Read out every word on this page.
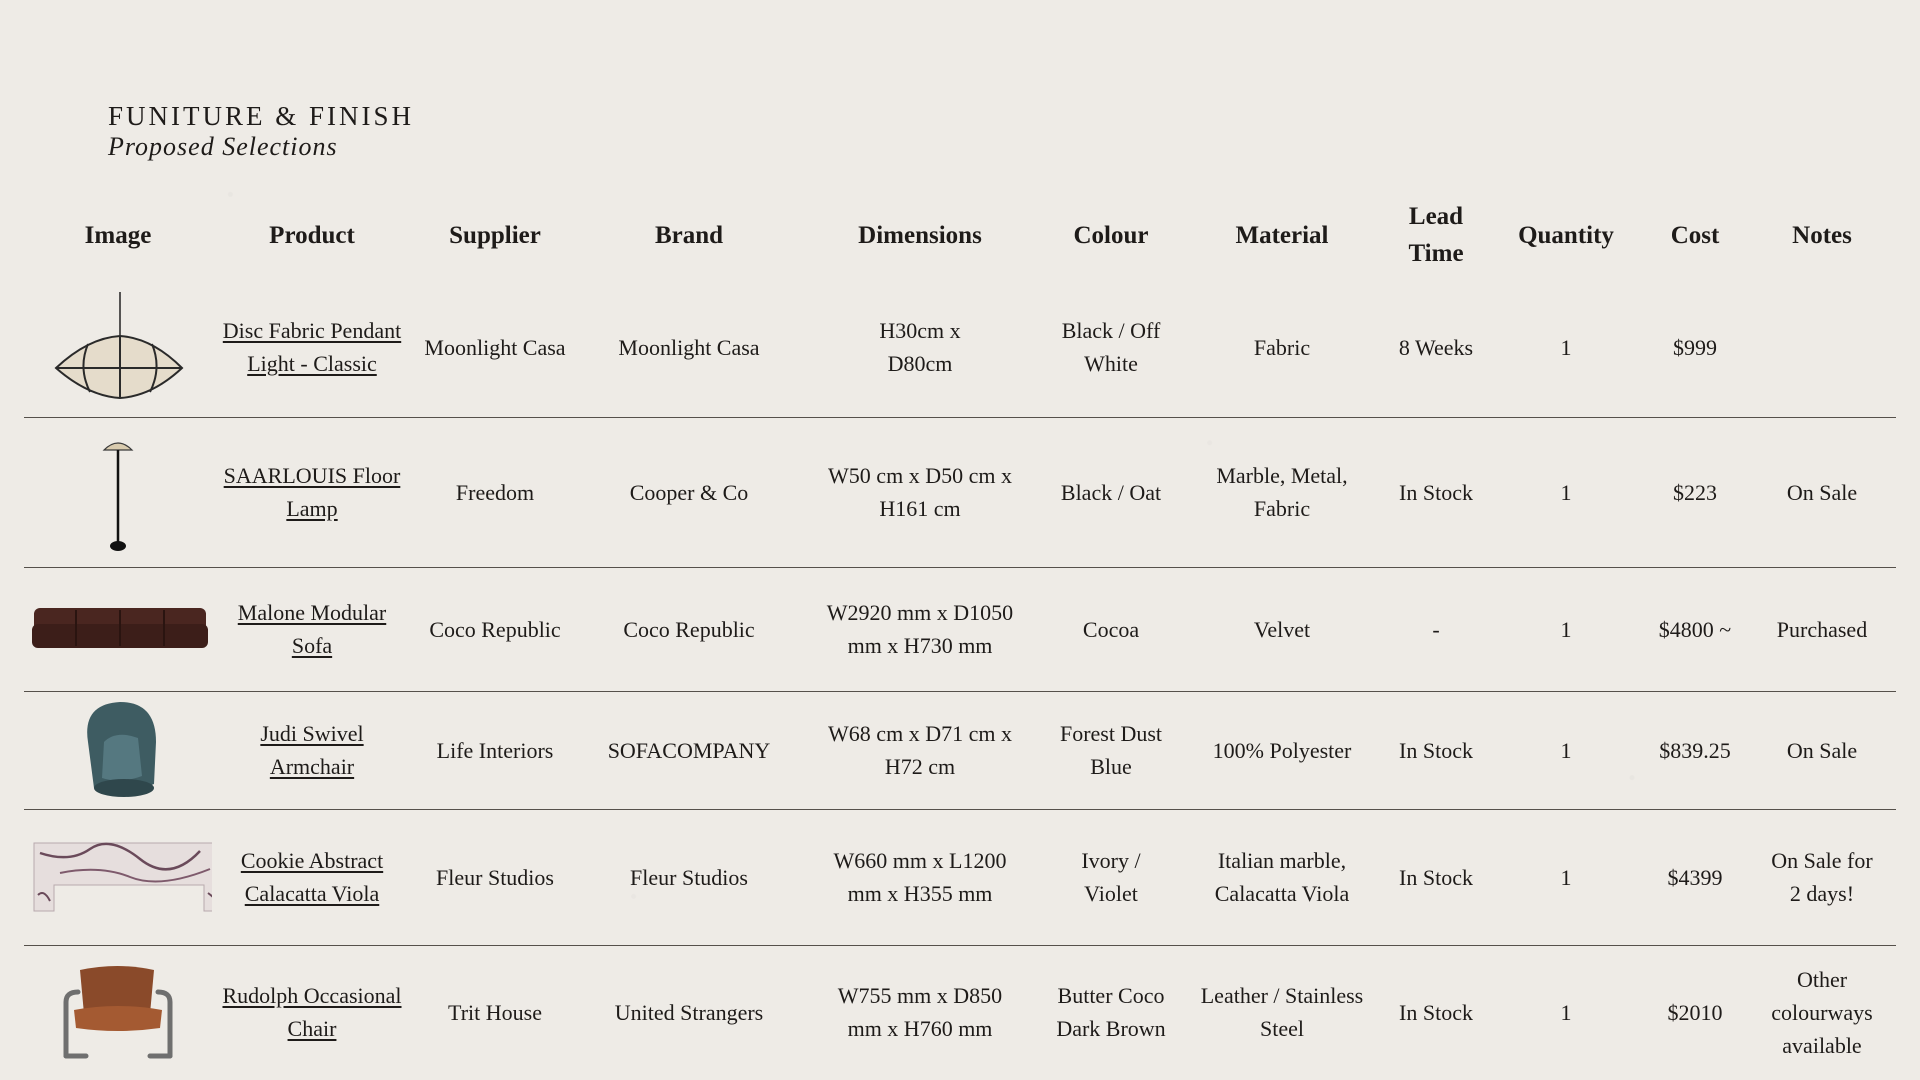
FUNITURE & FINISH
Proposed Selections
Image	Product	Supplier	Brand	Dimensions	Colour	Material	Lead Time	Quantity	Cost	Notes

	Disc Fabric Pendant Light - Classic	Moonlight Casa	Moonlight Casa	H30cm x D80cm	Black / Off White	Fabric	8 Weeks	1	$999	

	SAARLOUIS Floor Lamp	Freedom	Cooper & Co	W50 cm x D50 cm x H161 cm	Black / Oat	Marble, Metal, Fabric	In Stock	1	$223	On Sale

	Malone Modular Sofa	Coco Republic	Coco Republic	W2920 mm x D1050 mm x H730 mm	Cocoa	Velvet	-	1	$4800 ~	Purchased

	Judi Swivel Armchair	Life Interiors	SOFACOMPANY	W68 cm x D71 cm x H72 cm	Forest Dust Blue	100% Polyester	In Stock	1	$839.25	On Sale

	Cookie Abstract Calacatta Viola	Fleur Studios	Fleur Studios	W660 mm x L1200 mm x H355 mm	Ivory / Violet	Italian marble, Calacatta Viola	In Stock	1	$4399	On Sale for 2 days!

	Rudolph Occasional Chair	Trit House	United Strangers	W755 mm x D850 mm x H760 mm	Butter Coco Dark Brown	Leather / Stainless Steel	In Stock	1	$2010	Other colourways available
